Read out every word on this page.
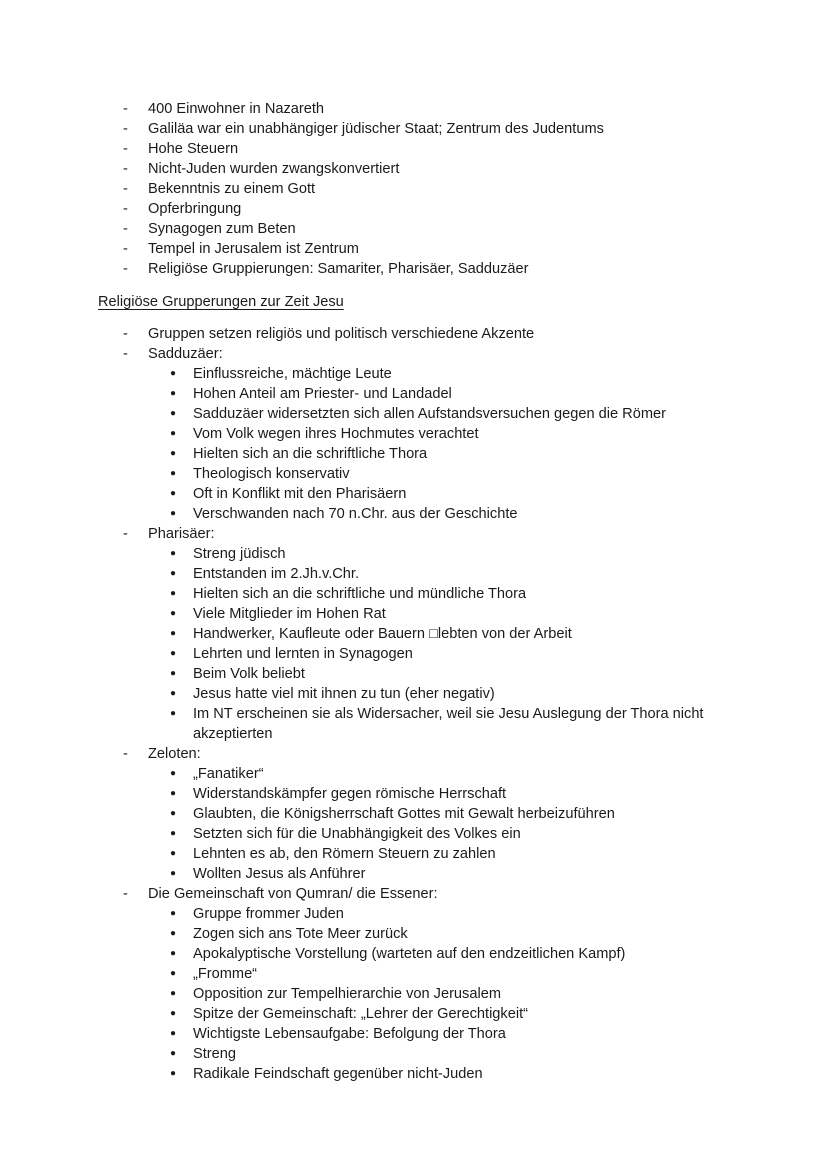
-	400 Einwohner in Nazareth
-	Galiläa war ein unabhängiger jüdischer Staat; Zentrum des Judentums
-	Hohe Steuern
-	Nicht-Juden wurden zwangskonvertiert
-	Bekenntnis zu einem Gott
-	Opferbringung
-	Synagogen zum Beten
-	Tempel in Jerusalem ist Zentrum
-	Religiöse Gruppierungen: Samariter, Pharisäer, Sadduzäer
Religiöse Grupperungen zur Zeit Jesu
-	Gruppen setzen religiös und politisch verschiedene Akzente
-	Sadduzäer:
●	Einflussreiche, mächtige Leute
●	Hohen Anteil am Priester- und Landadel
●	Sadduzäer widersetzten sich allen Aufstandsversuchen gegen die Römer
●	Vom Volk wegen ihres Hochmutes verachtet
●	Hielten sich an die schriftliche Thora
●	Theologisch konservativ
●	Oft in Konflikt mit den Pharisäern
●	Verschwanden nach 70 n.Chr. aus der Geschichte
-	Pharisäer:
●	Streng jüdisch
●	Entstanden im 2.Jh.v.Chr.
●	Hielten sich an die schriftliche und mündliche Thora
●	Viele Mitglieder im Hohen Rat
●	Handwerker, Kaufleute oder Bauern □lebten von der Arbeit
●	Lehrten und lernten in Synagogen
●	Beim Volk beliebt
●	Jesus hatte viel mit ihnen zu tun (eher negativ)
●	Im NT erscheinen sie als Widersacher, weil sie Jesu Auslegung der Thora nicht akzeptierten
-	Zeloten:
●	„Fanatiker“
●	Widerstandskämpfer gegen römische Herrschaft
●	Glaubten, die Königsherrschaft Gottes mit Gewalt herbeizuführen
●	Setzten sich für die Unabhängigkeit des Volkes ein
●	Lehnten es ab, den Römern Steuern zu zahlen
●	Wollten Jesus als Anführer
-	Die Gemeinschaft von Qumran/ die Essener:
●	Gruppe frommer Juden
●	Zogen sich ans Tote Meer zurück
●	Apokalyptische Vorstellung (warteten auf den endzeitlichen Kampf)
●	„Fromme“
●	Opposition zur Tempelhierarchie von Jerusalem
●	Spitze der Gemeinschaft: „Lehrer der Gerechtigkeit“
●	Wichtigste Lebensaufgabe: Befolgung der Thora
●	Streng
●	Radikale Feindschaft gegenüber nicht-Juden
